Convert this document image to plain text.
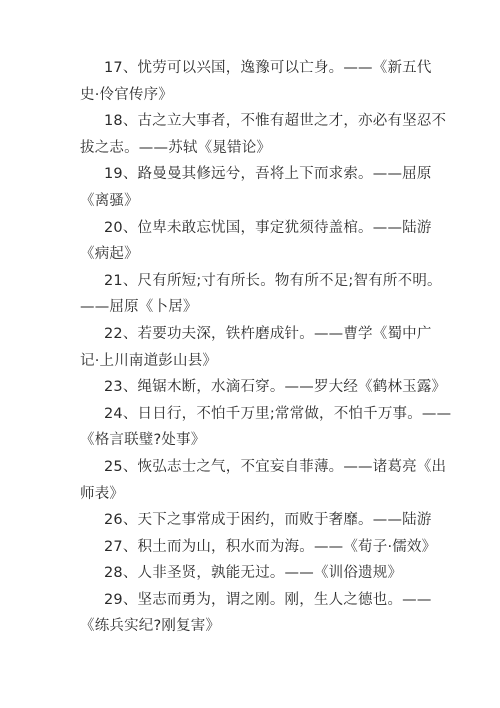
17、忧劳可以兴国，逸豫可以亡身。——《新五代
史·伶官传序》
18、古之立大事者，不惟有超世之才，亦必有坚忍不
拔之志。——苏轼《晁错论》
19、路曼曼其修远兮，吾将上下而求索。——屈原
《离骚》
20、位卑未敢忘忧国，事定犹须待盖棺。——陆游
《病起》
21、尺有所短;寸有所长。物有所不足;智有所不明。
——屈原《卜居》
22、若要功夫深，铁杵磨成针。——曹学《蜀中广
记·上川南道彭山县》
23、绳锯木断，水滴石穿。——罗大经《鹤林玉露》
24、日日行，不怕千万里;常常做，不怕千万事。——
《格言联璧?处事》
25、恢弘志士之气，不宜妄自菲薄。——诸葛亮《出
师表》
26、天下之事常成于困约，而败于奢靡。——陆游
27、积土而为山，积水而为海。——《荀子·儒效》
28、人非圣贤，孰能无过。——《训俗遗规》
29、坚志而勇为，谓之刚。刚，生人之德也。——
《练兵实纪?刚复害》
